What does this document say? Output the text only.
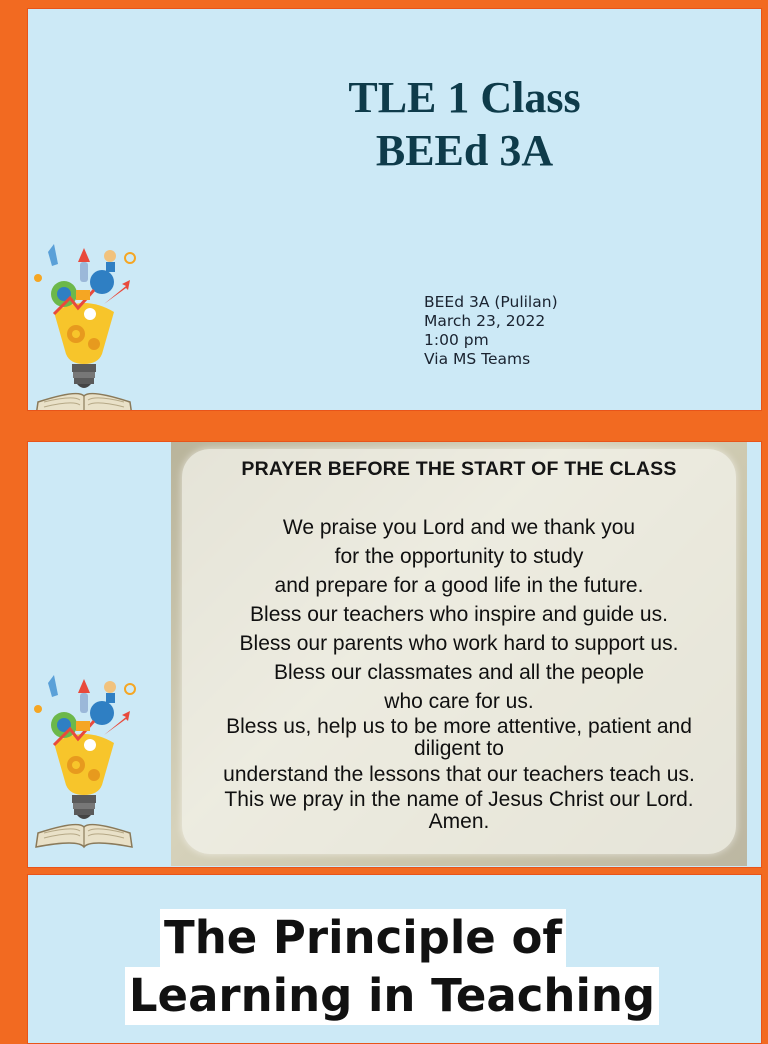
TLE 1 Class
BEEd 3A
BEEd 3A (Pulilan)
March 23, 2022
1:00 pm
Via MS Teams
PRAYER BEFORE THE START OF THE CLASS
We praise you Lord and we thank you
for the opportunity to study
and prepare for a good life in the future.
Bless our teachers who inspire and guide us.
Bless our parents who work hard to support us.
Bless our classmates and all the people
who care for us.
Bless us, help us to be more attentive, patient and
diligent to
understand the lessons that our teachers teach us.
This we pray in the name of Jesus Christ our Lord.
Amen.
The Principle of
Learning in Teaching
